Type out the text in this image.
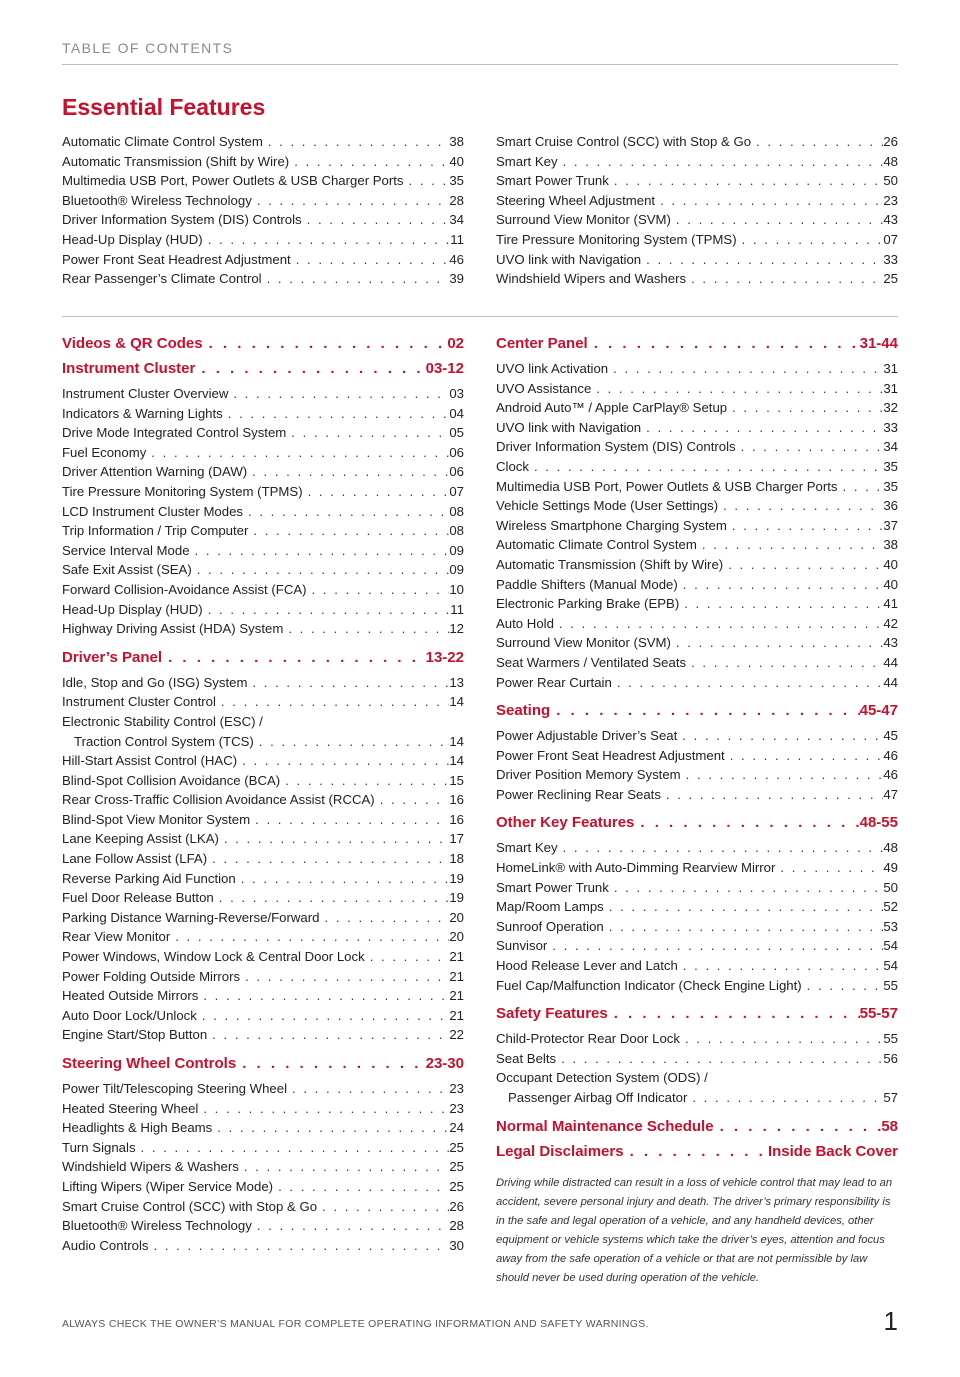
TABLE OF CONTENTS
Essential Features
Automatic Climate Control System . . .	38
Automatic Transmission (Shift by Wire) . . .	40
Multimedia USB Port, Power Outlets & USB Charger Ports . . .	35
Bluetooth® Wireless Technology . . .	28
Driver Information System (DIS) Controls . . .	34
Head-Up Display (HUD) . . .	11
Power Front Seat Headrest Adjustment . . .	46
Rear Passenger’s Climate Control . . .	39
Smart Cruise Control (SCC) with Stop & Go . . .	26
Smart Key . . .	48
Smart Power Trunk . . .	50
Steering Wheel Adjustment . . .	23
Surround View Monitor (SVM) . . .	43
Tire Pressure Monitoring System (TPMS) . . .	07
UVO link with Navigation . . .	33
Windshield Wipers and Washers . . .	25
Videos & QR Codes . . .	02
Instrument Cluster . . .	03-12
Instrument Cluster Overview . . .	03
Indicators & Warning Lights . . .	04
Drive Mode Integrated Control System . . .	05
Fuel Economy . . .	06
Driver Attention Warning (DAW) . . .	06
Tire Pressure Monitoring System (TPMS) . . .	07
LCD Instrument Cluster Modes . . .	08
Trip Information / Trip Computer . . .	08
Service Interval Mode . . .	09
Safe Exit Assist (SEA) . . .	09
Forward Collision-Avoidance Assist (FCA) . . .	10
Head-Up Display (HUD) . . .	11
Highway Driving Assist (HDA) System . . .	12
Driver’s Panel . . .	13-22
Idle, Stop and Go (ISG) System . . .	13
Instrument Cluster Control . . .	14
Electronic Stability Control (ESC) /
Traction Control System (TCS) . . .	14
Hill-Start Assist Control (HAC) . . .	14
Blind-Spot Collision Avoidance (BCA) . . .	15
Rear Cross-Traffic Collision Avoidance Assist (RCCA) . . .	16
Blind-Spot View Monitor System . . .	16
Lane Keeping Assist (LKA) . . .	17
Lane Follow Assist (LFA) . . .	18
Reverse Parking Aid Function . . .	19
Fuel Door Release Button . . .	19
Parking Distance Warning-Reverse/Forward . . .	20
Rear View Monitor . . .	20
Power Windows, Window Lock & Central Door Lock . . .	21
Power Folding Outside Mirrors . . .	21
Heated Outside Mirrors . . .	21
Auto Door Lock/Unlock . . .	21
Engine Start/Stop Button . . .	22
Steering Wheel Controls . . .	23-30
Power Tilt/Telescoping Steering Wheel . . .	23
Heated Steering Wheel . . .	23
Headlights & High Beams . . .	24
Turn Signals . . .	25
Windshield Wipers & Washers . . .	25
Lifting Wipers (Wiper Service Mode) . . .	25
Smart Cruise Control (SCC) with Stop & Go . . .	26
Bluetooth® Wireless Technology . . .	28
Audio Controls . . .	30
Center Panel . . .	31-44
UVO link Activation . . .	31
UVO Assistance . . .	31
Android Auto™ / Apple CarPlay® Setup . . .	32
UVO link with Navigation . . .	33
Driver Information System (DIS) Controls . . .	34
Clock . . .	35
Multimedia USB Port, Power Outlets & USB Charger Ports . . .	35
Vehicle Settings Mode (User Settings) . . .	36
Wireless Smartphone Charging System . . .	37
Automatic Climate Control System . . .	38
Automatic Transmission (Shift by Wire) . . .	40
Paddle Shifters (Manual Mode) . . .	40
Electronic Parking Brake (EPB) . . .	41
Auto Hold . . .	42
Surround View Monitor (SVM) . . .	43
Seat Warmers / Ventilated Seats . . .	44
Power Rear Curtain . . .	44
Seating . . .	45-47
Power Adjustable Driver’s Seat . . .	45
Power Front Seat Headrest Adjustment . . .	46
Driver Position Memory System . . .	46
Power Reclining Rear Seats . . .	47
Other Key Features . . .	48-55
Smart Key . . .	48
HomeLink® with Auto-Dimming Rearview Mirror . . .	49
Smart Power Trunk . . .	50
Map/Room Lamps . . .	52
Sunroof Operation . . .	53
Sunvisor . . .	54
Hood Release Lever and Latch . . .	54
Fuel Cap/Malfunction Indicator (Check Engine Light) . . .	55
Safety Features . . .	55-57
Child-Protector Rear Door Lock . . .	55
Seat Belts . . .	56
Occupant Detection System (ODS) /
Passenger Airbag Off Indicator . . .	57
Normal Maintenance Schedule . . .	58
Legal Disclaimers . . .	Inside Back Cover
Driving while distracted can result in a loss of vehicle control that may lead to an accident, severe personal injury and death. The driver’s primary responsibility is in the safe and legal operation of a vehicle, and any handheld devices, other equipment or vehicle systems which take the driver’s eyes, attention and focus away from the safe operation of a vehicle or that are not permissible by law should never be used during operation of the vehicle.
ALWAYS CHECK THE OWNER’S MANUAL FOR COMPLETE OPERATING INFORMATION AND SAFETY WARNINGS.	1
